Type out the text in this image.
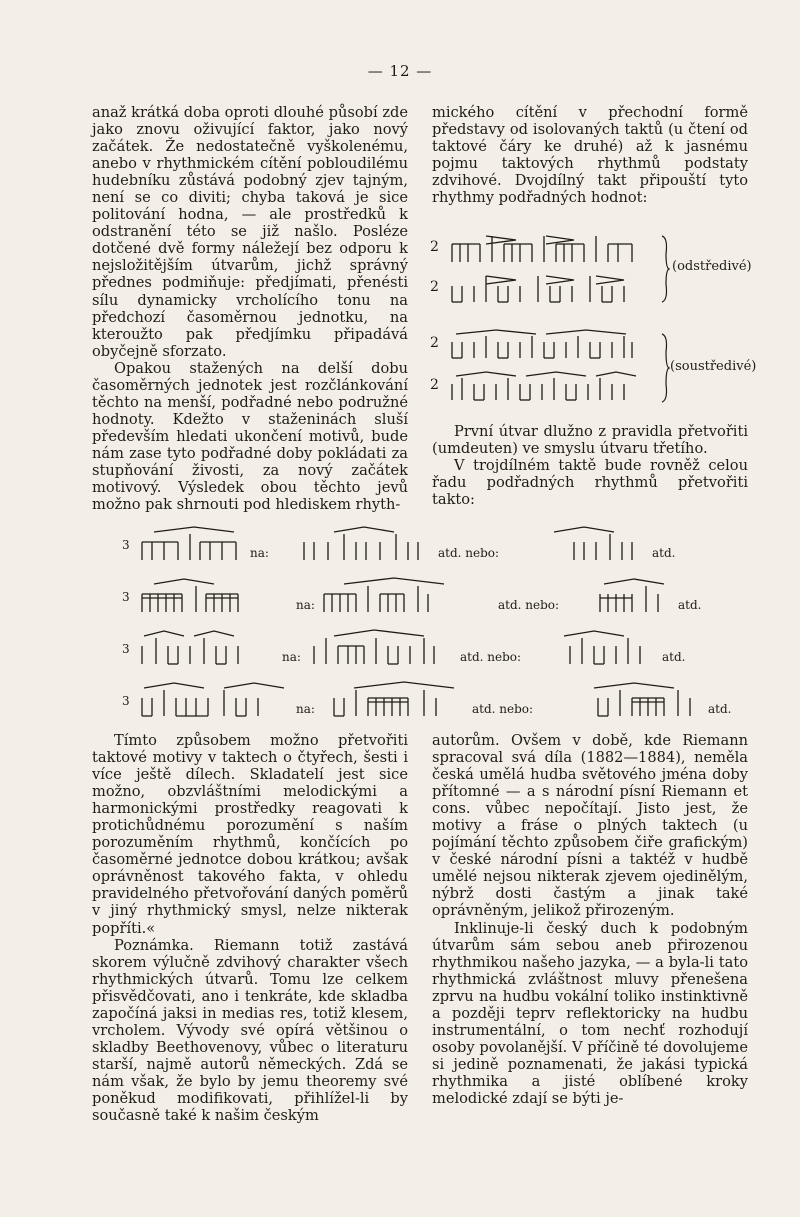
— 12 —

anaž krátká doba oproti dlouhé působí zde jako znovu oživující faktor, jako nový začátek. Že nedostatečně vyškolenému, anebo v rhythmickém cítění pobloudilému hudebníku zůstává podobný zjev tajným, není se co diviti; chyba taková je sice politování hodna, — ale prostředků k odstranění této se již našlo. Posléze dotčené dvě formy náležejí bez odporu k nejsložitějším útvarům, jichž správný přednes podmiňuje: předjímati, přenésti sílu dynamicky vrcholícího tonu na předchozí časoměrnou jednotku, na kteroužto pak předjímku připadává obyčejně sforzato.

Opakou stažených na delší dobu časoměrných jednotek jest rozčlánkování těchto na menší, podřadné nebo podružné hodnoty. Kdežto v staženinách sluší především hledati ukončení motivů, bude nám zase tyto podřadné doby pokládati za stupňování živosti, za nový začátek motivový. Výsledek obou těchto jevů možno pak shrnouti pod hlediskem rhyth-

mického cítění v přechodní formě představy od isolovaných taktů (u čtení od taktové čáry ke druhé) až k jasnému pojmu taktových rhythmů podstaty zdvihové. Dvojdílný takt připouští tyto rhythmy podřadných hodnot:

2
2
(odstředivé)
2
2
(soustředivé)

První útvar dlužno z pravidla přetvořiti (umdeuten) ve smyslu útvaru třetího.

V trojdílném taktě bude rovněž celou řadu podřadných rhythmů přetvořiti takto:

3
na:	atd. nebo:	atd.
3
na:	atd. nebo:	atd.
3
na:	atd. nebo:	atd.
3
na:	atd. nebo:	atd.

Tímto způsobem možno přetvořiti taktové motivy v taktech o čtyřech, šesti i více ještě dílech. Skladatelí jest sice možno, obzvláštními melodickými a harmonickými prostředky reagovati k protichůdnému porozumění s naším porozuměním rhythmů, končících po časoměrné jednotce dobou krátkou; avšak oprávněnost takového fakta, v ohledu pravidelného přetvořování daných poměrů v jiný rhythmický smysl, nelze nikterak popříti.«

Poznámka. Riemann totiž zastává skorem výlučně zdvihový charakter všech rhythmických útvarů. Tomu lze celkem přisvědčovati, ano i tenkráte, kde skladba započíná jaksi in medias res, totiž klesem, vrcholem. Vývody své opírá většinou o skladby Beethovenovy, vůbec o literaturu starší, najmě autorů německých. Zdá se nám však, že bylo by jemu theoremy své poněkud modifikovati, přihlížel-li by současně také k našim českým

autorům. Ovšem v době, kde Riemann spracoval svá díla (1882—1884), neměla česká umělá hudba světového jména doby přítomné — a s národní písní Riemann et cons. vůbec nepočítají. Jisto jest, že motivy a fráse o plných taktech (u pojímání těchto způsobem čiře grafickým) v české národní písni a taktéž v hudbě umělé nejsou nikterak zjevem ojedinělým, nýbrž dosti častým a jinak také oprávněným, jelikož přirozeným.

Inklinuje-li český duch k podobným útvarům sám sebou aneb přirozenou rhythmikou našeho jazyka, — a byla-li tato rhythmická zvláštnost mluvy přenešena zprvu na hudbu vokální tolikо instinktivně a později teprv reflektoricky na hudbu instrumentální, o tom nechť rozhodují osoby povolanější. V příčině té dovolujeme si jedině poznamenati, že jakási typická rhythmika a jisté oblíbené kroky melodické zdají se býti je-
